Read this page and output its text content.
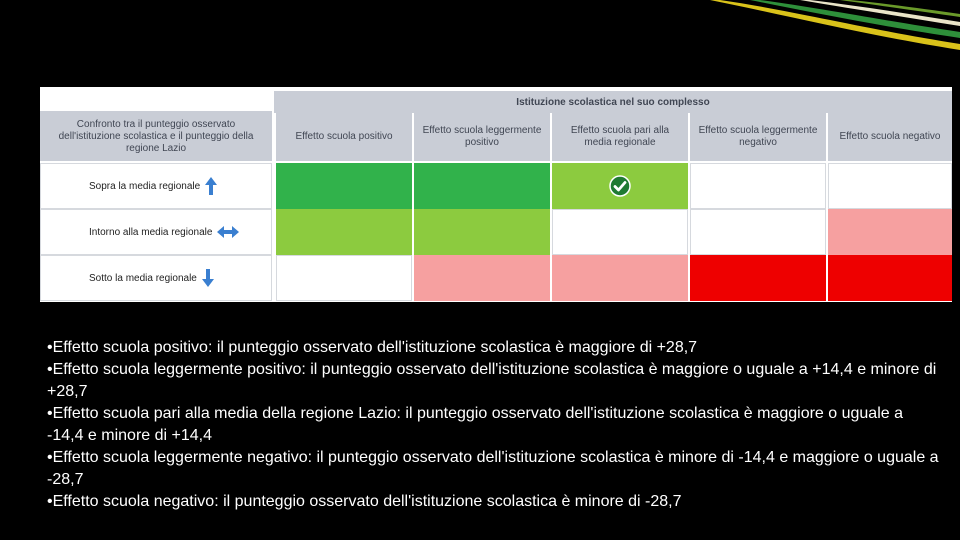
Istituzione scolastica nel suo complesso
Confronto tra il punteggio osservato dell'istituzione scolastica e il punteggio della regione Lazio
Effetto scuola positivo
Effetto scuola leggermente positivo
Effetto scuola pari alla media regionale
Effetto scuola leggermente negativo
Effetto scuola negativo
Sopra la media regionale
Intorno alla media regionale
Sotto la media regionale

•Effetto scuola positivo: il punteggio osservato dell'istituzione scolastica è maggiore di +28,7

•Effetto scuola leggermente positivo: il punteggio osservato dell'istituzione scolastica è maggiore o uguale a +14,4 e minore di +28,7

•Effetto scuola pari alla media della regione Lazio: il punteggio osservato dell'istituzione scolastica è maggiore o uguale a -14,4 e minore di +14,4

•Effetto scuola leggermente negativo: il punteggio osservato dell'istituzione scolastica è minore di -14,4 e maggiore o uguale a -28,7

•Effetto scuola negativo: il punteggio osservato dell'istituzione scolastica è minore di -28,7
